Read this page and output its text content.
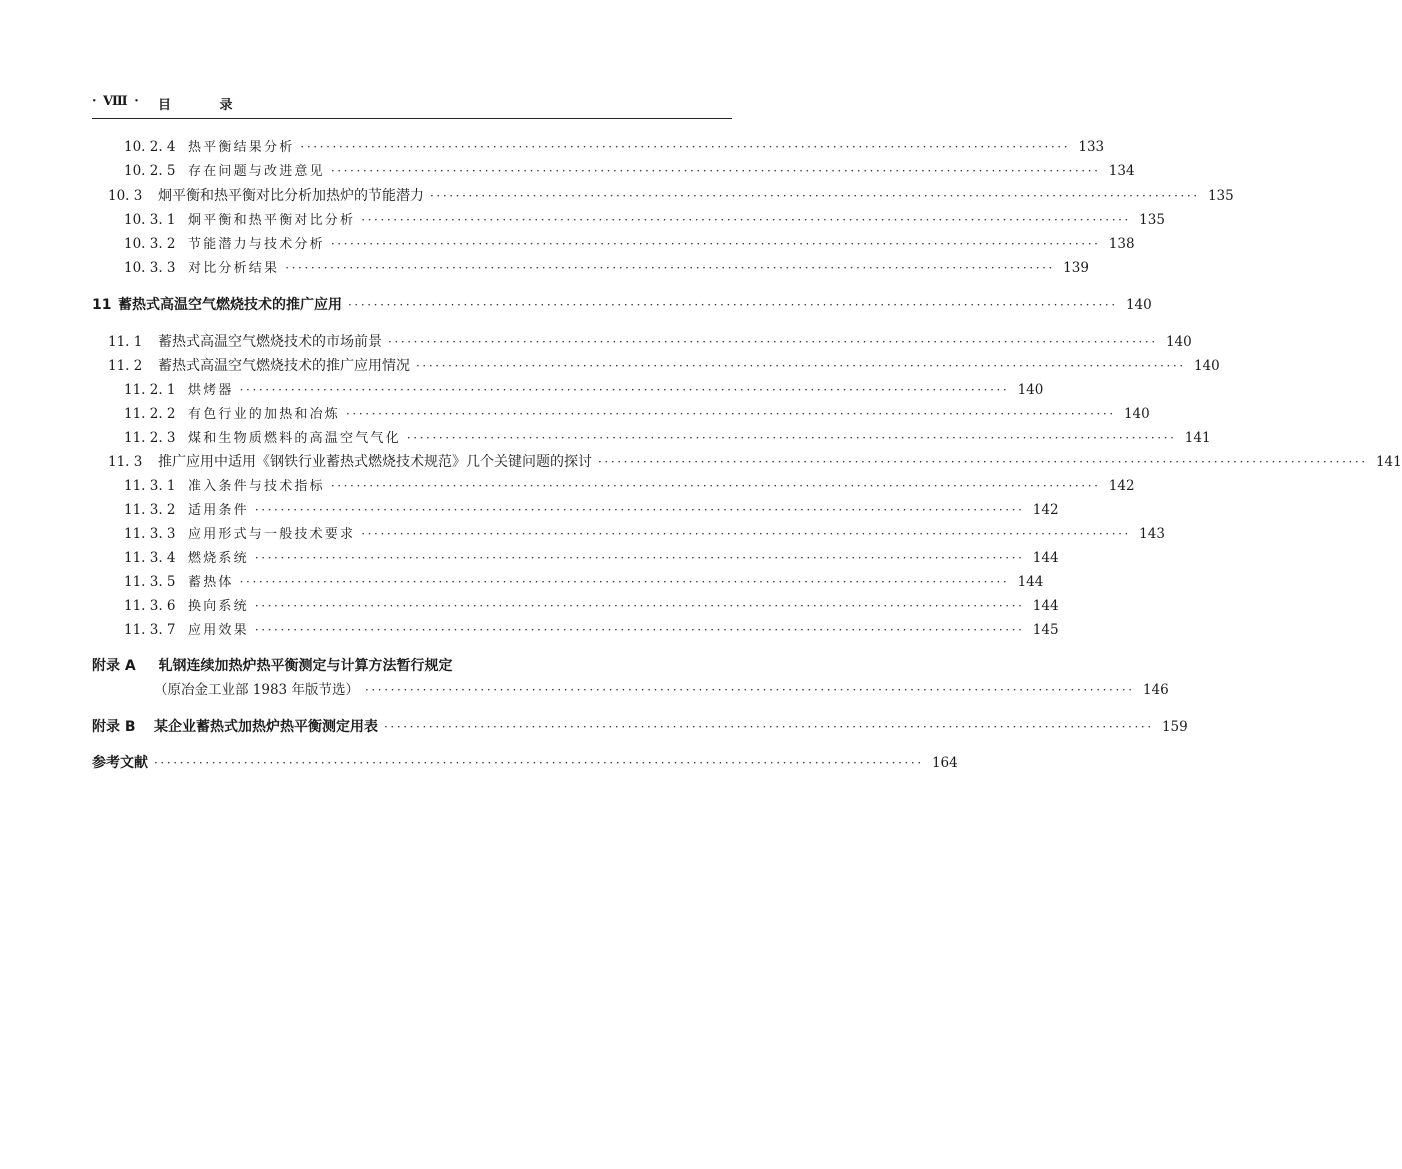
· Ⅷ · 目 录
10. 2. 4 热平衡结果分析 ························································································································ 133
10. 2. 5 存在问题与改进意见 ························································································································ 134
10. 3	炯平衡和热平衡对比分析加热炉的节能潜力 ························································································································ 135
10. 3. 1 炯平衡和热平衡对比分析 ························································································································ 135
10. 3. 2 节能潜力与技术分析 ························································································································ 138
10. 3. 3 对比分析结果 ························································································································ 139
11 蓄热式高温空气燃烧技术的推广应用 ························································································································ 140
11. 1	蓄热式高温空气燃烧技术的市场前景 ························································································································ 140
11. 2	蓄热式高温空气燃烧技术的推广应用情况 ························································································································ 140
11. 2. 1 烘烤器 ························································································································ 140
11. 2. 2 有色行业的加热和冶炼 ························································································································ 140
11. 2. 3 煤和生物质燃料的高温空气气化 ························································································································ 141
11. 3	推广应用中适用《钢铁行业蓄热式燃烧技术规范》几个关键问题的探讨 ························································································································ 141
11. 3. 1 准入条件与技术指标 ························································································································ 142
11. 3. 2 适用条件 ························································································································ 142
11. 3. 3 应用形式与一般技术要求 ························································································································ 143
11. 3. 4 燃烧系统 ························································································································ 144
11. 3. 5 蓄热体 ························································································································ 144
11. 3. 6 换向系统 ························································································································ 144
11. 3. 7 应用效果 ························································································································ 145
附录 A 轧钢连续加热炉热平衡测定与计算方法暂行规定
（原冶金工业部 1983 年版节选） ························································································································ 146
附录 B	某企业蓄热式加热炉热平衡测定用表 ························································································································ 159
参考文献 ························································································································ 164
